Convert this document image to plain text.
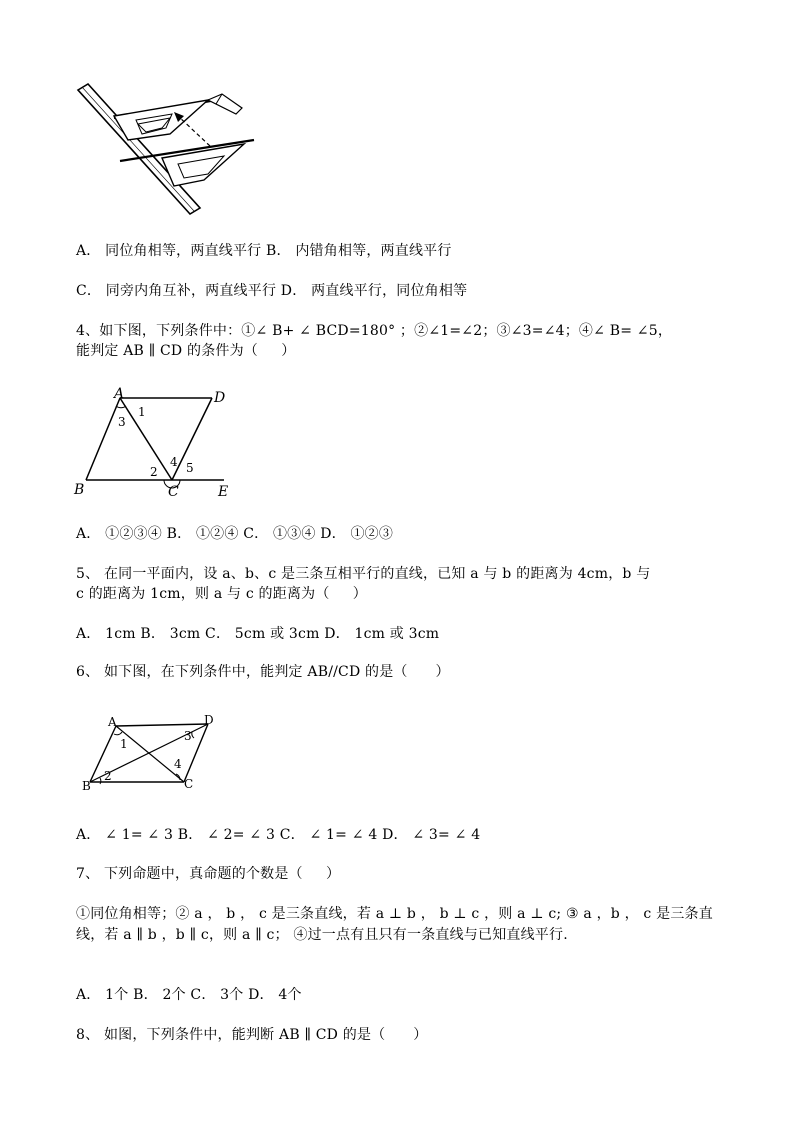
A． 同位角相等，两直线平行 B． 内错角相等，两直线平行
C． 同旁内角互补，两直线平行 D． 两直线平行，同位角相等
4、如下图，下列条件中：①∠ B+ ∠ BCD=180° ；②∠1=∠2；③∠3=∠4；④∠ B= ∠5，
能判定 AB ∥ CD 的条件为（     ）
A	D
B	C	E
1
3
4
2 5
A． ①②③④ B． ①②④ C． ①③④ D． ①②③
5、 在同一平面内，设 a、b、c 是三条互相平行的直线，已知 a 与 b 的距离为 4cm，b 与
c 的距离为 1cm，则 a 与 c 的距离为（     ）
A． 1cm B． 3cm C． 5cm 或 3cm D． 1cm 或 3cm
6、 如下图，在下列条件中，能判定 AB//CD 的是（      ）
A	D
B	C
1
2
3
4
A． ∠ 1= ∠ 3 B． ∠ 2= ∠ 3 C． ∠ 1= ∠ 4 D． ∠ 3= ∠ 4
7、 下列命题中，真命题的个数是（     ）
①同位角相等；② a ， b ， c 是三条直线，若 a ⊥ b ， b ⊥ c ，则 a ⊥ c; ③ a ，b ， c 是三条直线，若 a ∥ b ，b ∥ c，则 a ∥ c； ④过一点有且只有一条直线与已知直线平行.
A． 1个 B． 2个 C． 3个 D． 4个
8、 如图，下列条件中，能判断 AB ∥ CD 的是（      ）
